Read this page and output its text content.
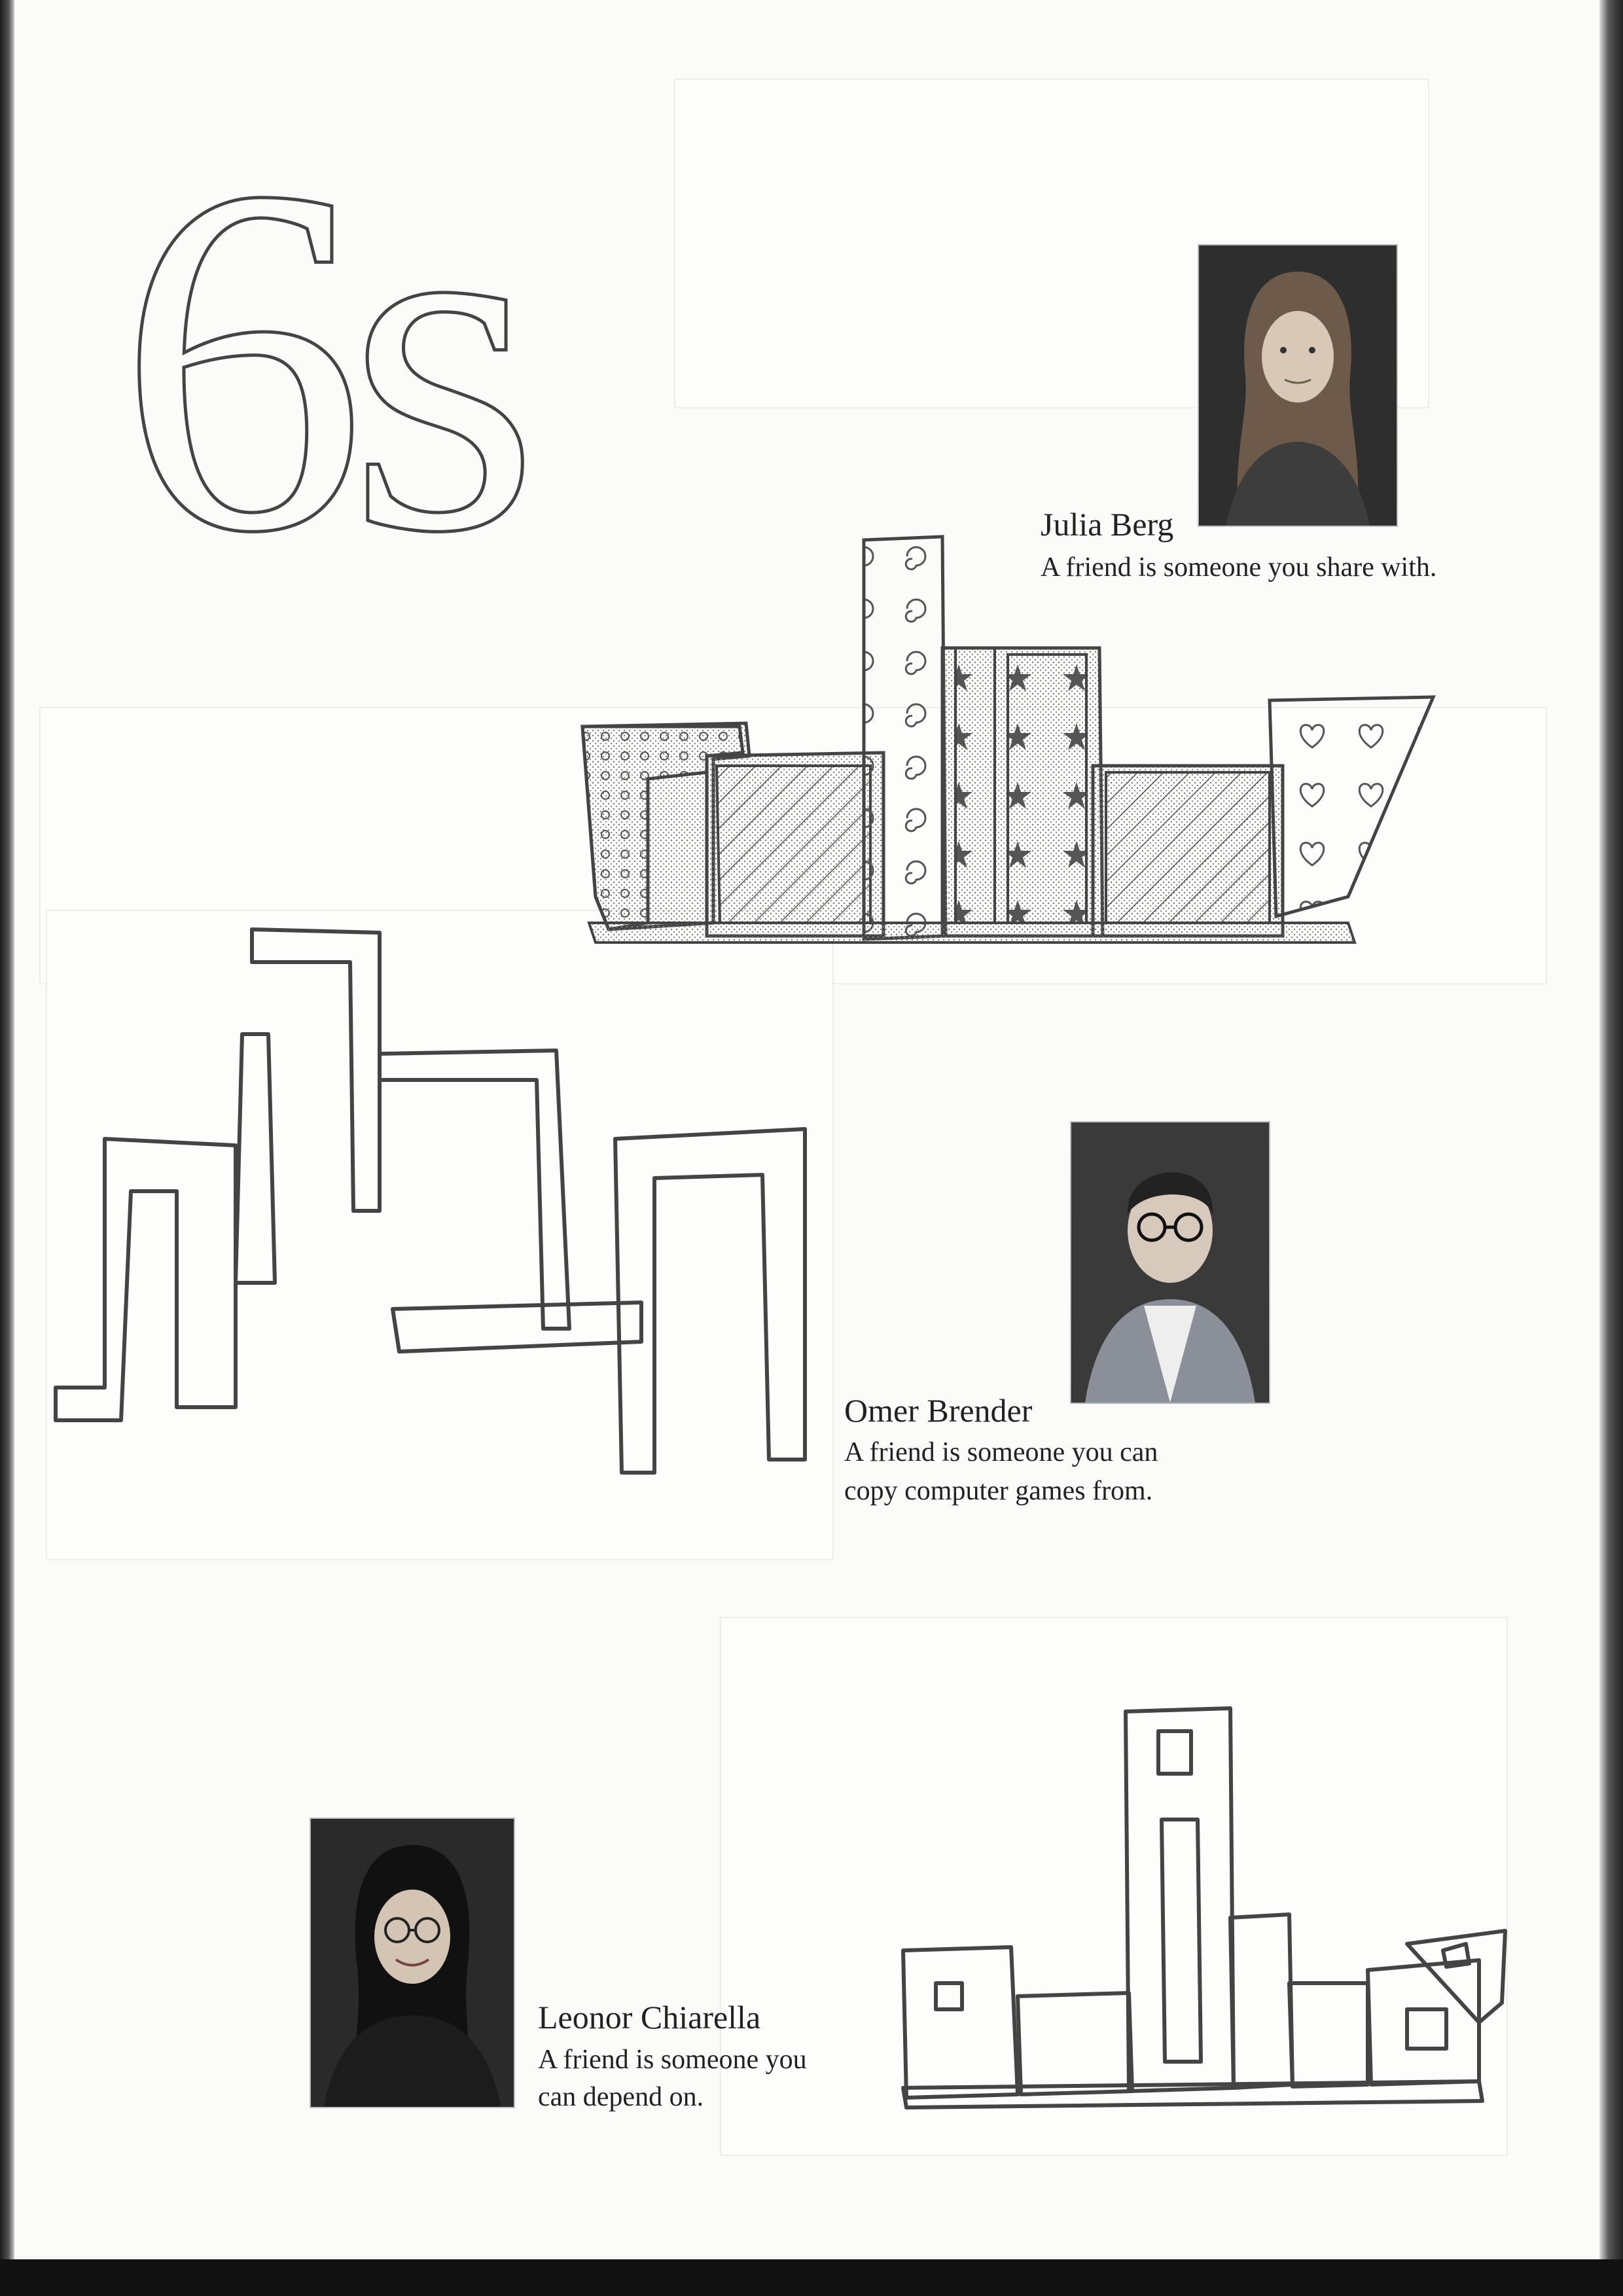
6s	Julia Berg
A friend is someone you share with.
Omer Brender
A friend is someone you can
copy computer games from.
Leonor Chiarella
A friend is someone you
can depend on.
